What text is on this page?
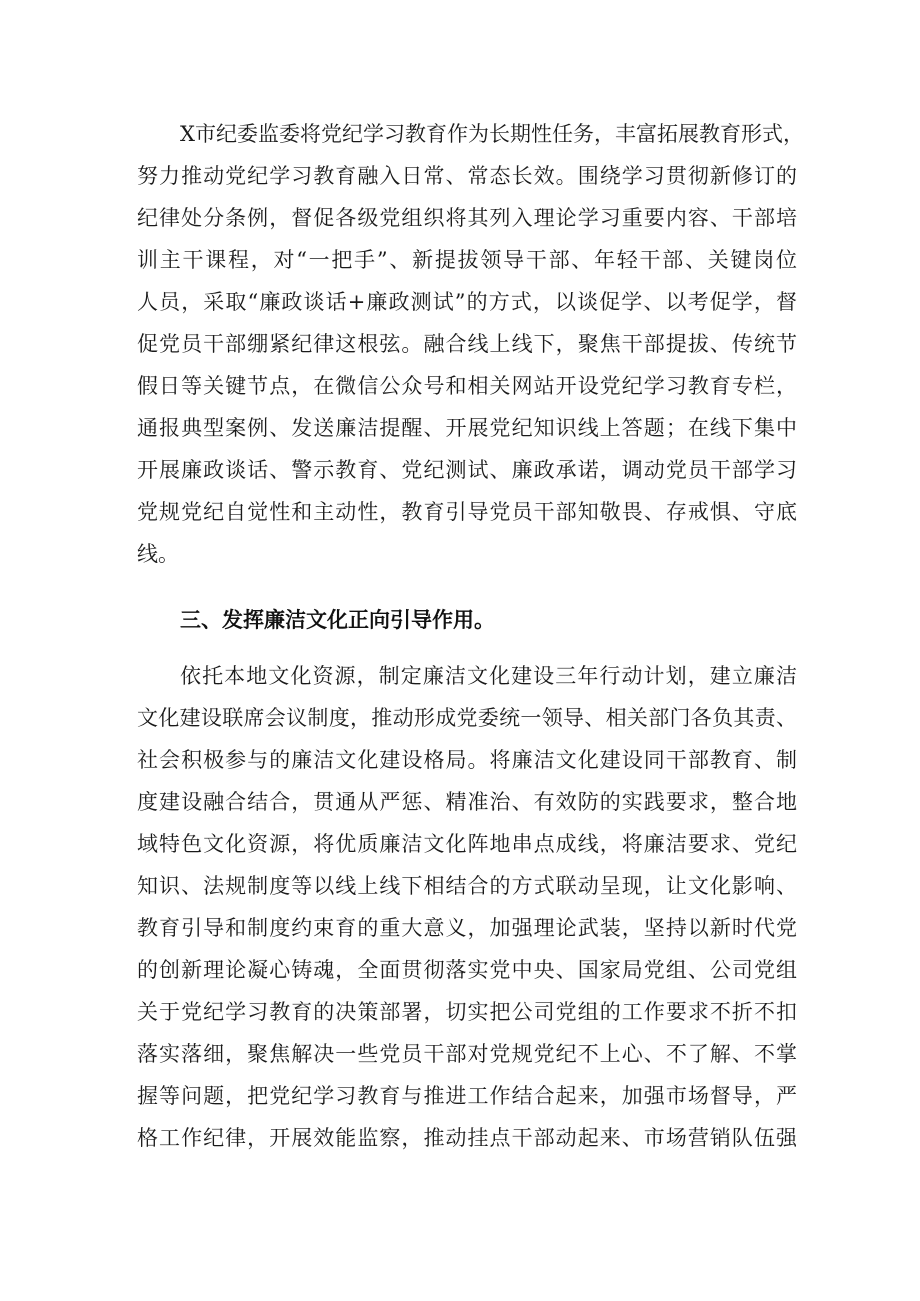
X市纪委监委将党纪学习教育作为长期性任务，丰富拓展教育形式，
努力推动党纪学习教育融入日常、常态长效。围绕学习贯彻新修订的
纪律处分条例，督促各级党组织将其列入理论学习重要内容、干部培
训主干课程，对“一把手”、新提拔领导干部、年轻干部、关键岗位
人员，采取“廉政谈话+廉政测试”的方式，以谈促学、以考促学，督
促党员干部绷紧纪律这根弦。融合线上线下，聚焦干部提拔、传统节
假日等关键节点，在微信公众号和相关网站开设党纪学习教育专栏，
通报典型案例、发送廉洁提醒、开展党纪知识线上答题；在线下集中
开展廉政谈话、警示教育、党纪测试、廉政承诺，调动党员干部学习
党规党纪自觉性和主动性，教育引导党员干部知敬畏、存戒惧、守底
线。
三、发挥廉洁文化正向引导作用。
依托本地文化资源，制定廉洁文化建设三年行动计划，建立廉洁
文化建设联席会议制度，推动形成党委统一领导、相关部门各负其责、
社会积极参与的廉洁文化建设格局。将廉洁文化建设同干部教育、制
度建设融合结合，贯通从严惩、精准治、有效防的实践要求，整合地
域特色文化资源，将优质廉洁文化阵地串点成线，将廉洁要求、党纪
知识、法规制度等以线上线下相结合的方式联动呈现，让文化影响、
教育引导和制度约束育的重大意义，加强理论武装，坚持以新时代党
的创新理论凝心铸魂，全面贯彻落实党中央、国家局党组、公司党组
关于党纪学习教育的决策部署，切实把公司党组的工作要求不折不扣
落实落细，聚焦解决一些党员干部对党规党纪不上心、不了解、不掌
握等问题，把党纪学习教育与推进工作结合起来，加强市场督导，严
格工作纪律，开展效能监察，推动挂点干部动起来、市场营销队伍强
